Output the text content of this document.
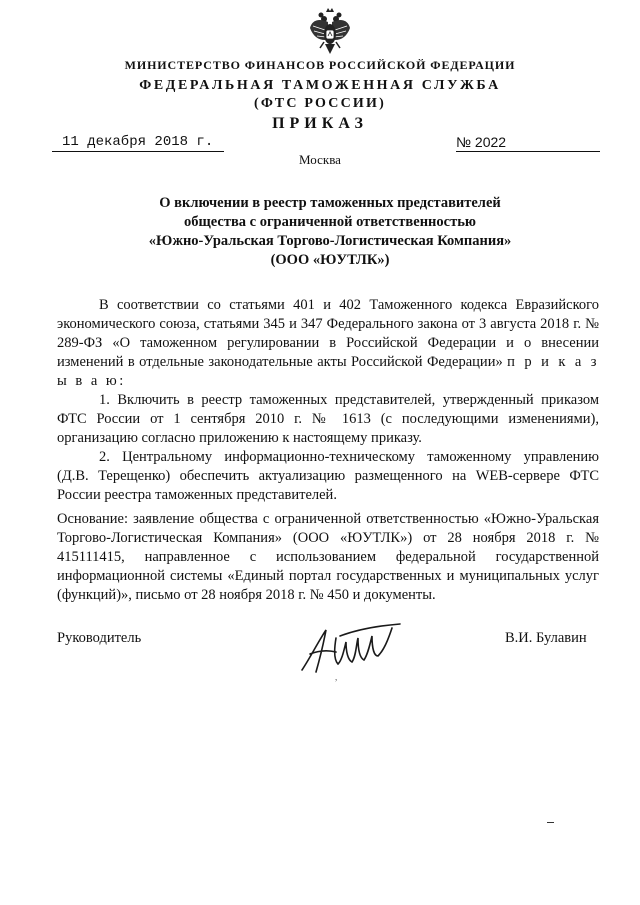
МИНИСТЕРСТВО ФИНАНСОВ РОССИЙСКОЙ ФЕДЕРАЦИИ
ФЕДЕРАЛЬНАЯ ТАМОЖЕННАЯ СЛУЖБА
(ФТС РОССИИ)
ПРИКАЗ
11 декабря 2018 г.	№ 2022
Москва
О включении в реестр таможенных представителей
общества с ограниченной ответственностью
«Южно-Уральская Торгово-Логистическая Компания»
(ООО «ЮУТЛК»)

В соответствии со статьями 401 и 402 Таможенного кодекса Евразийского экономического союза, статьями 345 и 347 Федерального закона от 3 августа 2018 г. № 289-ФЗ «О таможенном регулировании в Российской Федерации и о внесении изменений в отдельные законодательные акты Российской Федерации» п р и к а з ы в а ю:

1. Включить в реестр таможенных представителей, утвержденный приказом ФТС России от 1 сентября 2010 г. № 1613 (с последующими изменениями), организацию согласно приложению к настоящему приказу.

2. Центральному информационно-техническому таможенному управлению (Д.В. Терещенко) обеспечить актуализацию размещенного на WEB-сервере ФТС России реестра таможенных представителей.

Основание: заявление общества с ограниченной ответственностью «Южно-Уральская Торгово-Логистическая Компания» (ООО «ЮУТЛК») от 28 ноября 2018 г. № 415111415, направленное с использованием федеральной государственной информационной системы «Единый портал государственных и муниципальных услуг (функций)», письмо от 28 ноября 2018 г. № 450 и документы.
Руководитель
,
В.И. Булавин
